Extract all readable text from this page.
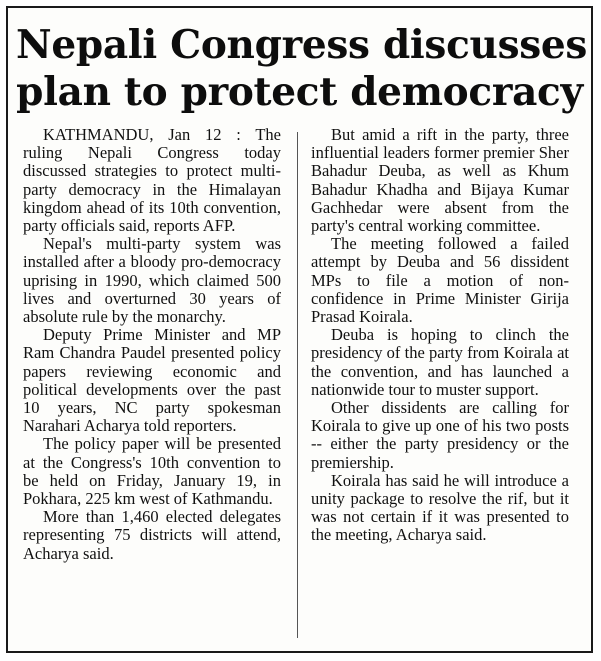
Nepali Congress discusses
plan to protect democracy

KATHMANDU, Jan 12 : The ruling Nepali Congress today discussed strategies to protect multi-party democracy in the Himalayan kingdom ahead of its 10th convention, party officials said, reports AFP.

Nepal's multi-party system was installed after a bloody pro-democracy uprising in 1990, which claimed 500 lives and overturned 30 years of absolute rule by the monarchy.

Deputy Prime Minister and MP Ram Chandra Paudel presented policy papers reviewing economic and political developments over the past 10 years, NC party spokesman Narahari Acharya told reporters.

The policy paper will be presented at the Congress's 10th convention to be held on Friday, January 19, in Pokhara, 225 km west of Kathmandu.

More than 1,460 elected delegates representing 75 districts will attend, Acharya said.

But amid a rift in the party, three influential leaders former premier Sher Bahadur Deuba, as well as Khum Bahadur Khadha and Bijaya Kumar Gachhedar were absent from the party's central working committee.

The meeting followed a failed attempt by Deuba and 56 dissident MPs to file a motion of non-confidence in Prime Minister Girija Prasad Koirala.

Deuba is hoping to clinch the presidency of the party from Koirala at the convention, and has launched a nationwide tour to muster support.

Other dissidents are calling for Koirala to give up one of his two posts -- either the party presidency or the premiership.

Koirala has said he will introduce a unity package to resolve the rif, but it was not certain if it was presented to the meeting, Acharya said.
